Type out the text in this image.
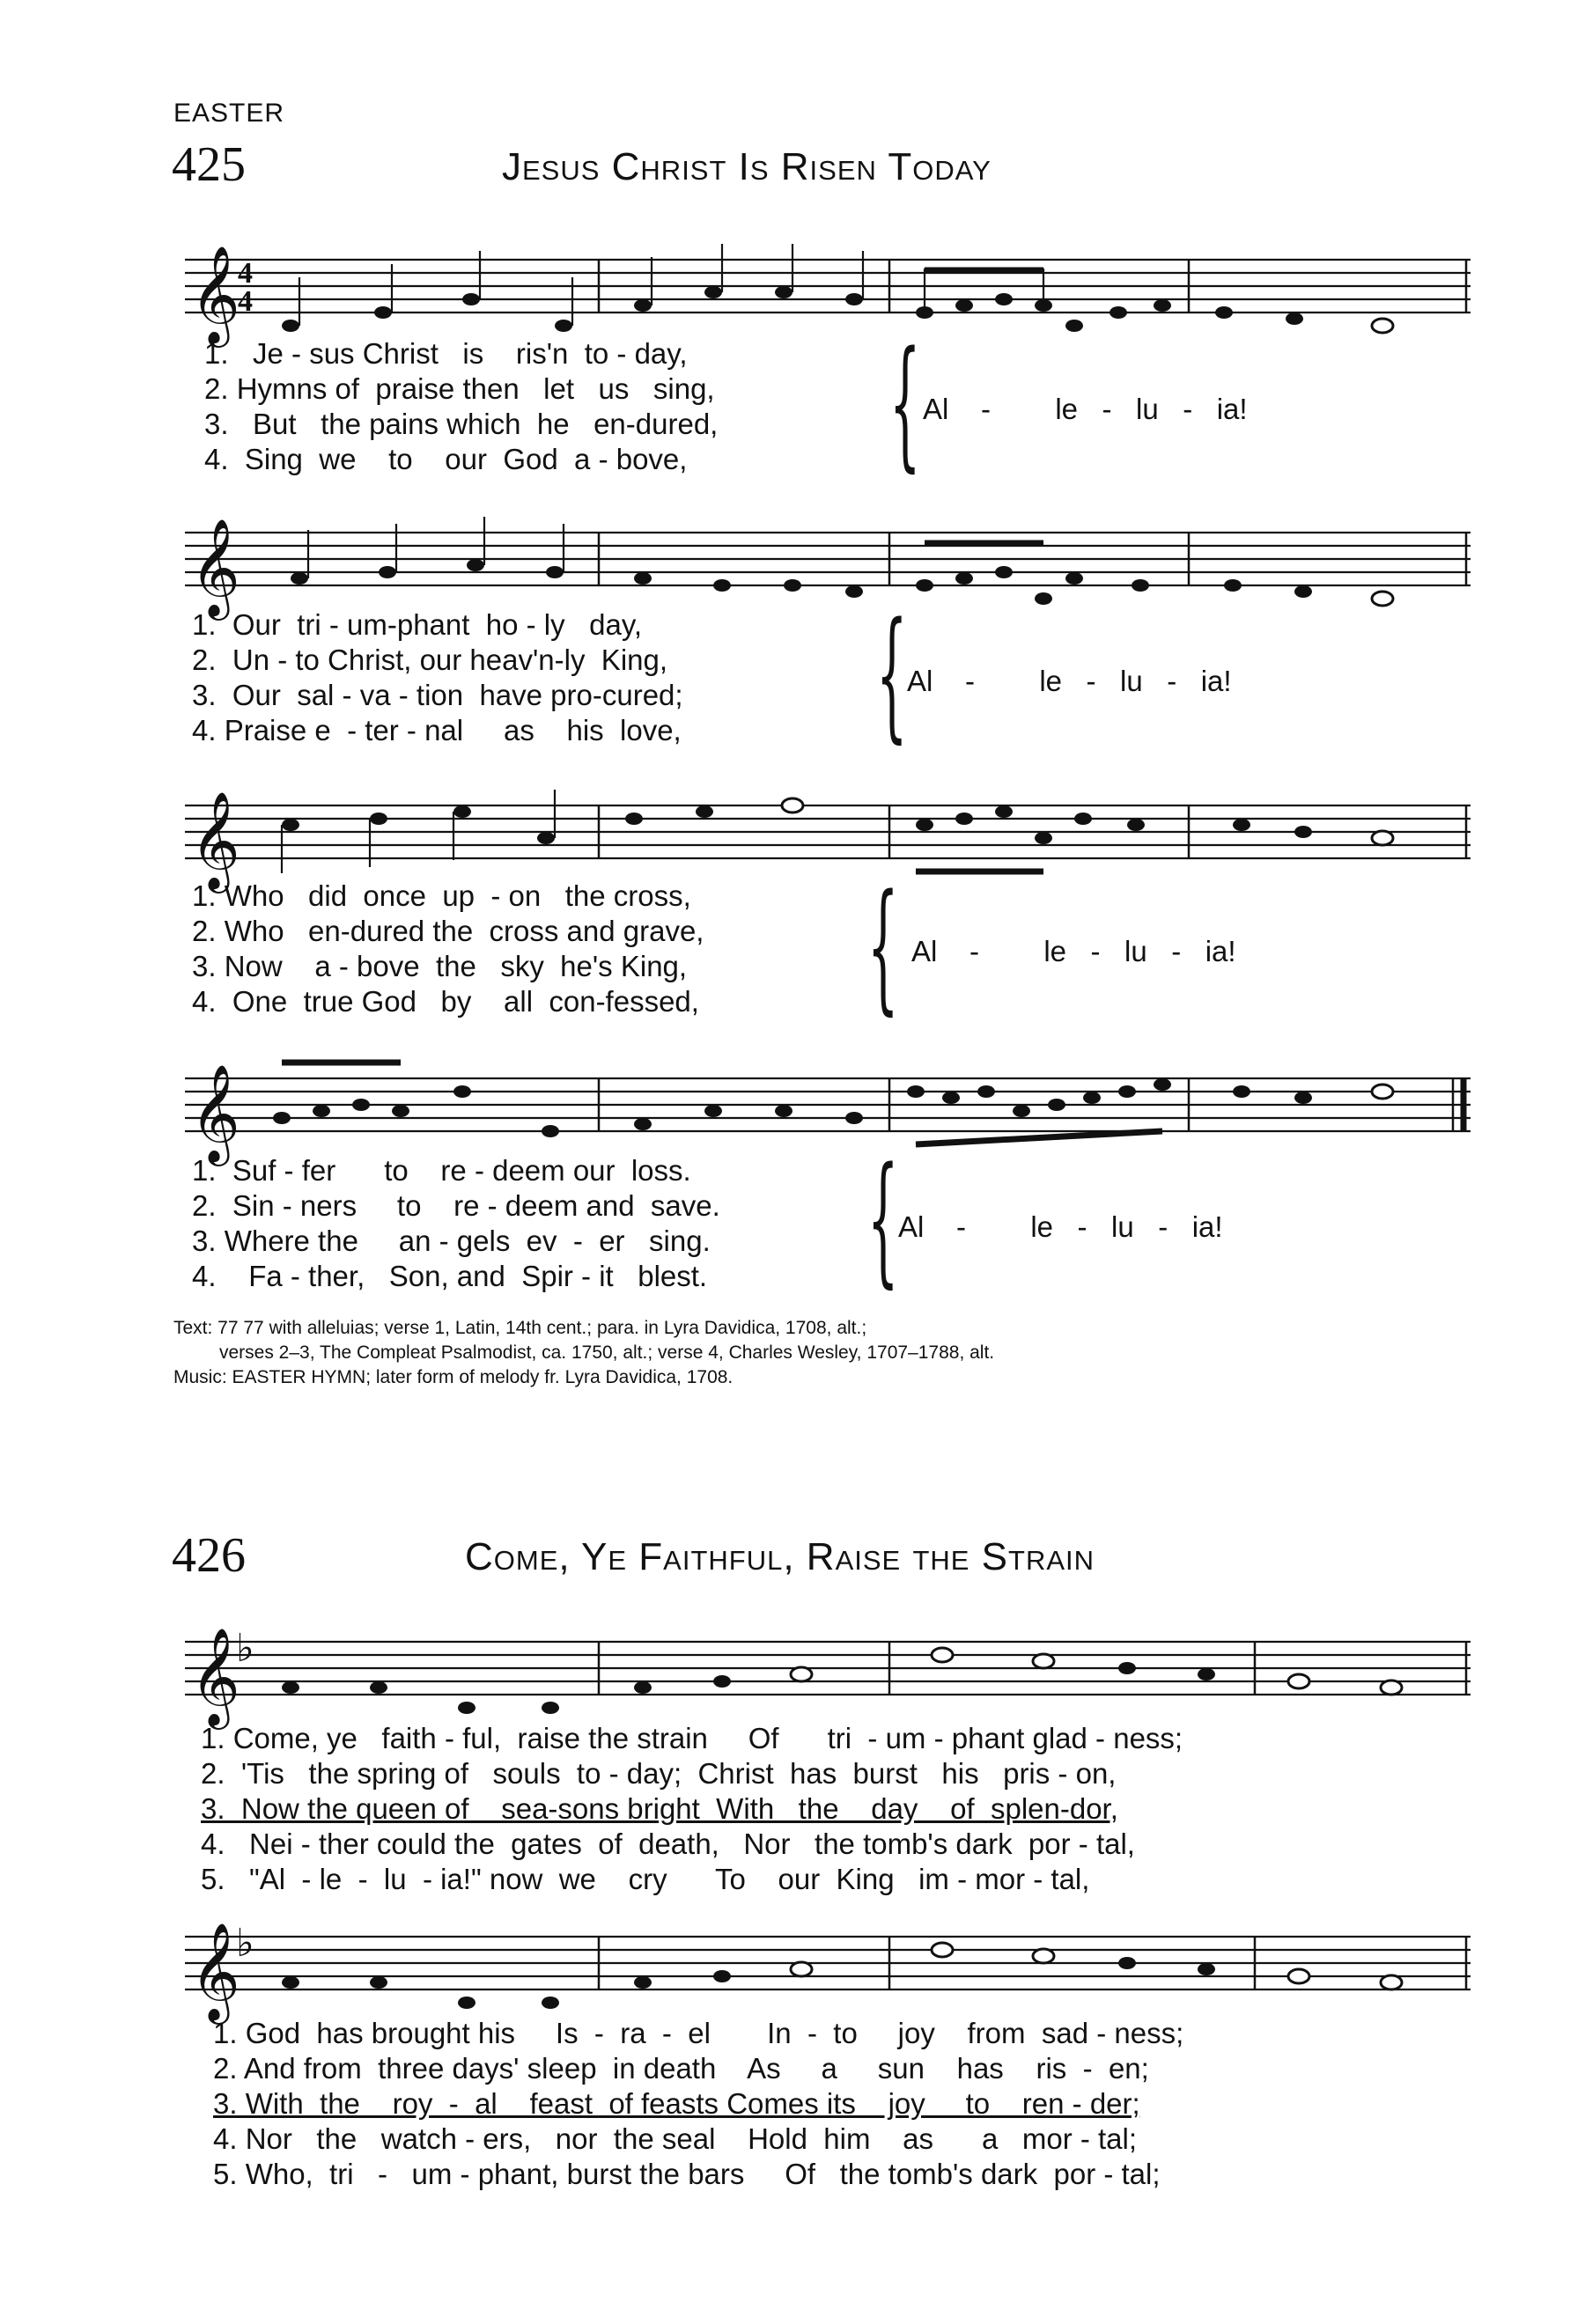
EASTER
425	Jesus Christ Is Risen Today
𝄞
4
4
1.   Je - sus Christ   is    ris'n  to - day,
2. Hymns of  praise then   let   us   sing,
3.   But   the pains which  he   en-dured,
4.  Sing  we    to    our  God  a - bove, { Al    -        le   -   lu   -   ia!
𝄞
1.  Our  tri - um-phant  ho - ly   day,
2.  Un - to Christ, our heav'n-ly  King,
3.  Our  sal - va - tion  have pro-cured;
4. Praise e  - ter - nal     as    his  love, { Al    -        le   -   lu   -   ia!
𝄞
1. Who   did  once  up  - on   the cross,
2. Who   en-dured the  cross and grave,
3. Now    a - bove  the   sky  he's King,
4.  One  true God   by    all  con-fessed, { Al    -        le   -   lu   -   ia!
𝄞
1.  Suf - fer      to    re - deem our  loss.
2.  Sin - ners     to    re - deem and  save.
3. Where the     an - gels  ev  -  er   sing.
4.    Fa - ther,   Son, and  Spir - it   blest. { Al    -        le   -   lu   -   ia!
Text: 77 77 with alleluias; verse 1, Latin, 14th cent.; para. in Lyra Davidica, 1708, alt.;
verses 2–3, The Compleat Psalmodist, ca. 1750, alt.; verse 4, Charles Wesley, 1707–1788, alt.
Music: EASTER HYMN; later form of melody fr. Lyra Davidica, 1708.
426	Come, Ye Faithful, Raise the Strain
𝄞
♭
1. Come, ye   faith - ful,  raise the strain     Of      tri  - um - phant glad - ness;
2.  'Tis   the spring of   souls  to - day;  Christ  has  burst   his   pris - on,
3.  Now the queen of    sea-sons bright  With   the    day    of  splen-dor,
4.   Nei - ther could the  gates  of  death,   Nor   the tomb's dark  por - tal,
5.   "Al  - le  -  lu  - ia!" now  we    cry      To    our  King   im - mor - tal,
𝄞
♭
1. God  has brought his     Is  -  ra  -  el       In  -  to     joy    from  sad - ness;
2. And from  three days' sleep  in death    As     a     sun    has    ris  -  en;
3. With  the    roy  -  al    feast  of feasts Comes its    joy     to    ren - der;
4. Nor   the   watch - ers,   nor  the seal    Hold  him    as      a   mor - tal;
5. Who,  tri   -   um - phant, burst the bars     Of   the tomb's dark  por - tal;
